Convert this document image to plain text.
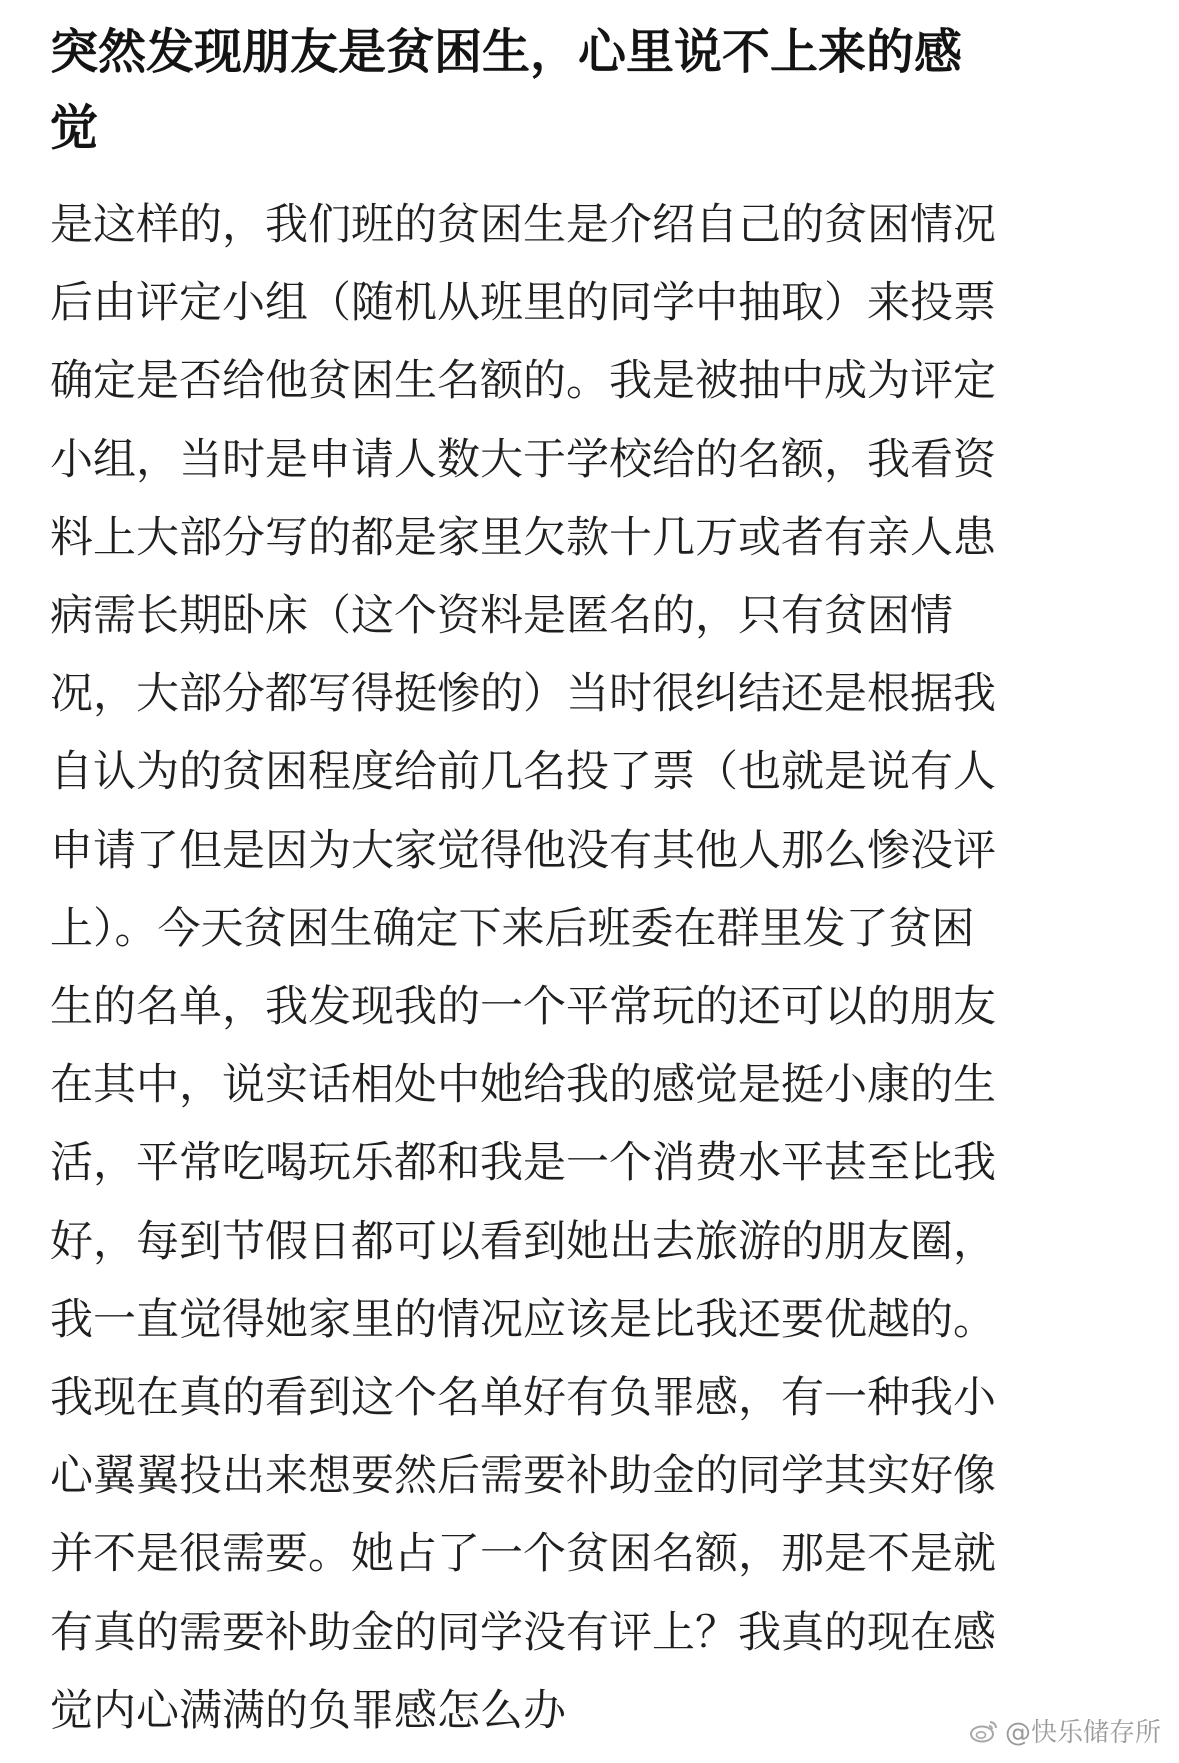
突然发现朋友是贫困生，心里说不上来的感
觉
是这样的，我们班的贫困生是介绍自己的贫困情况
后由评定小组（随机从班里的同学中抽取）来投票
确定是否给他贫困生名额的。我是被抽中成为评定
小组，当时是申请人数大于学校给的名额，我看资
料上大部分写的都是家里欠款十几万或者有亲人患
病需长期卧床（这个资料是匿名的，只有贫困情
况，大部分都写得挺惨的）当时很纠结还是根据我
自认为的贫困程度给前几名投了票（也就是说有人
申请了但是因为大家觉得他没有其他人那么惨没评
上）。今天贫困生确定下来后班委在群里发了贫困
生的名单，我发现我的一个平常玩的还可以的朋友
在其中，说实话相处中她给我的感觉是挺小康的生
活，平常吃喝玩乐都和我是一个消费水平甚至比我
好，每到节假日都可以看到她出去旅游的朋友圈，
我一直觉得她家里的情况应该是比我还要优越的。
我现在真的看到这个名单好有负罪感，有一种我小
心翼翼投出来想要然后需要补助金的同学其实好像
并不是很需要。她占了一个贫困名额，那是不是就
有真的需要补助金的同学没有评上？我真的现在感
觉内心满满的负罪感怎么办	@快乐储存所
